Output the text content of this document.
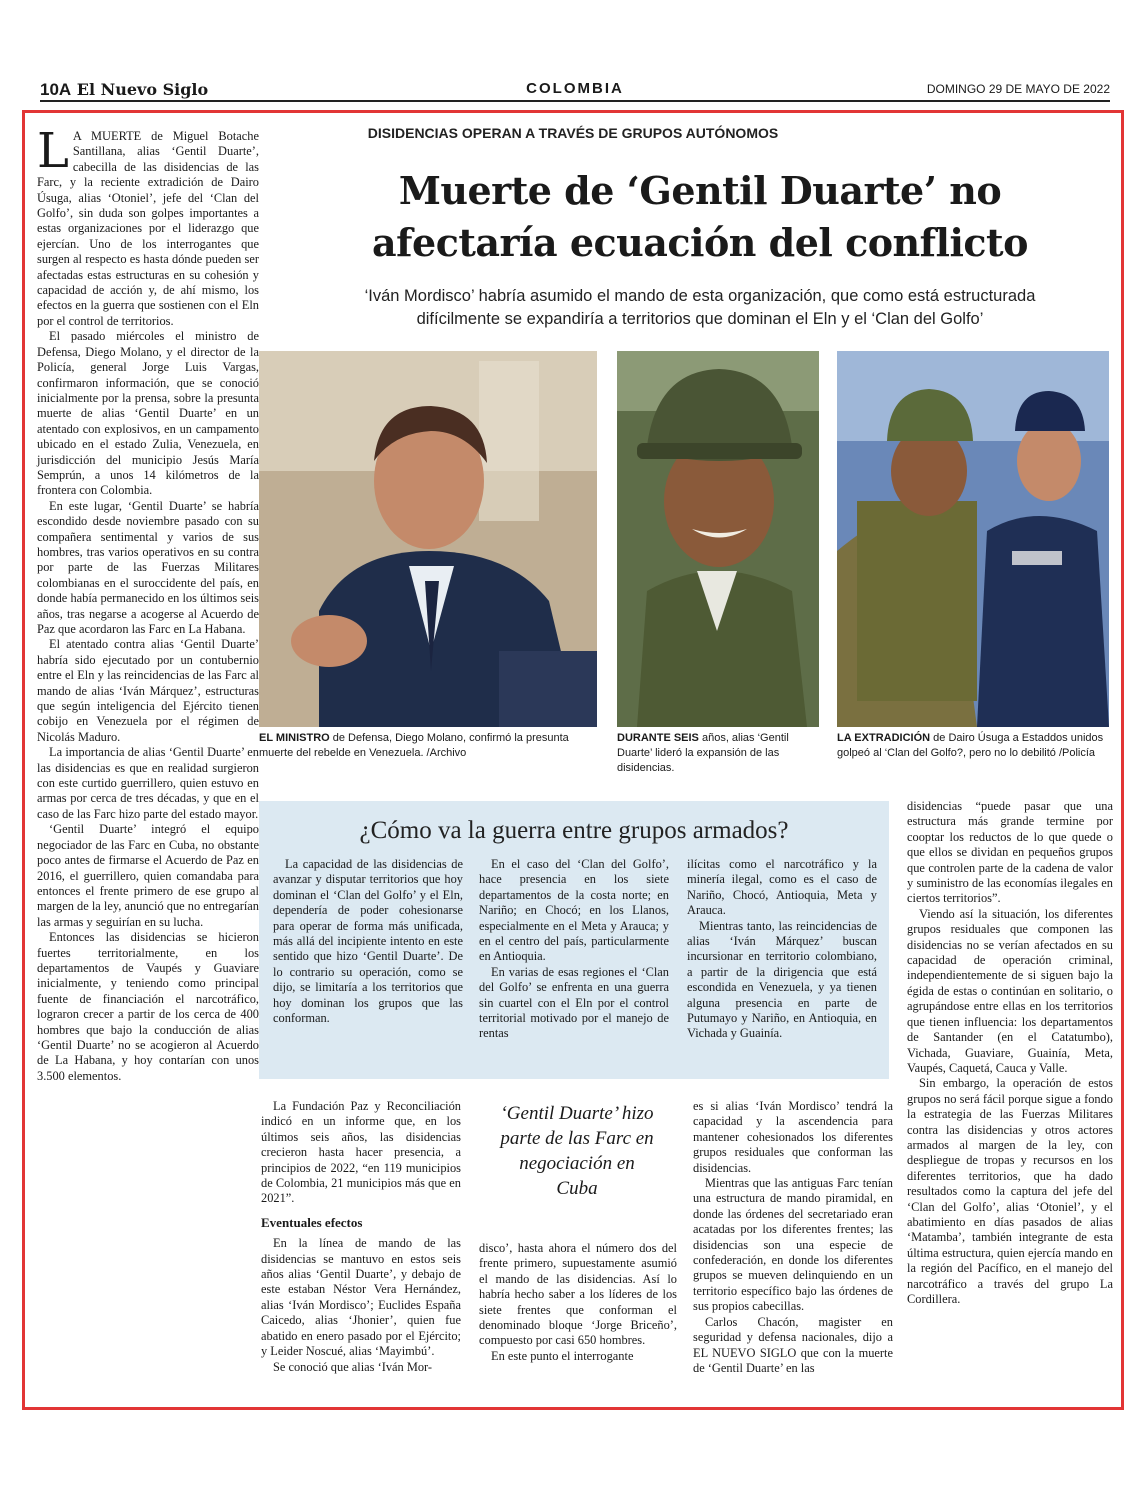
10A El Nuevo Siglo	COLOMBIA	DOMINGO 29 DE MAYO DE 2022
DISIDENCIAS OPERAN A TRAVÉS DE GRUPOS AUTÓNOMOS
Muerte de ‘Gentil Duarte’ no
afectaría ecuación del conflicto
‘Iván Mordisco’ habría asumido el mando de esta organización, que como está estructurada
difícilmente se expandiría a territorios que dominan el Eln y el ‘Clan del Golfo’

L A MUERTE de Miguel Botache Santillana, alias ‘Gentil Duarte’, cabecilla de las disidencias de las Farc, y la reciente extradición de Dairo Úsuga, alias ‘Otoniel’, jefe del ‘Clan del Golfo’, sin duda son golpes importantes a estas organizaciones por el liderazgo que ejercían. Uno de los interrogantes que surgen al respecto es hasta dónde pueden ser afectadas estas estructuras en su cohesión y capacidad de acción y, de ahí mismo, los efectos en la guerra que sostienen con el Eln por el control de territorios.

El pasado miércoles el ministro de Defensa, Diego Molano, y el director de la Policía, general Jorge Luis Vargas, confirmaron información, que se conoció inicialmente por la prensa, sobre la presunta muerte de alias ‘Gentil Duarte’ en un atentado con explosivos, en un campamento ubicado en el estado Zulia, Venezuela, en jurisdicción del municipio Jesús María Semprún, a unos 14 kilómetros de la frontera con Colombia.

En este lugar, ‘Gentil Duarte’ se habría escondido desde noviembre pasado con su compañera sentimental y varios de sus hombres, tras varios operativos en su contra por parte de las Fuerzas Militares colombianas en el suroccidente del país, en donde había permanecido en los últimos seis años, tras negarse a acogerse al Acuerdo de Paz que acordaron las Farc en La Habana.

El atentado contra alias ‘Gentil Duarte’ habría sido ejecutado por un contubernio entre el Eln y las reincidencias de las Farc al mando de alias ‘Iván Márquez’, estructuras que según inteligencia del Ejército tienen cobijo en Venezuela por el régimen de Nicolás Maduro.

La importancia de alias ‘Gentil Duarte’ en las disidencias es que en realidad surgieron con este curtido guerrillero, quien estuvo en armas por cerca de tres décadas, y que en el caso de las Farc hizo parte del estado mayor.

‘Gentil Duarte’ integró el equipo negociador de las Farc en Cuba, no obstante poco antes de firmarse el Acuerdo de Paz en 2016, el guerrillero, quien comandaba para entonces el frente primero de ese grupo al margen de la ley, anunció que no entregarían las armas y seguirían en su lucha.

Entonces las disidencias se hicieron fuertes territorialmente, en los departamentos de Vaupés y Guaviare inicialmente, y teniendo como principal fuente de financiación el narcotráfico, lograron crecer a partir de los cerca de 400 hombres que bajo la conducción de alias ‘Gentil Duarte’ no se acogieron al Acuerdo de La Habana, y hoy contarían con unos 3.500 elementos.

EL MINISTRO de Defensa, Diego Molano, confirmó la presunta muerte del rebelde en Venezuela. /Archivo
DURANTE SEIS años, alias ‘Gentil Duarte’ lideró la expansión de las disidencias.
LA EXTRADICIÓN de Dairo Úsuga a Estaddos unidos golpeó al ‘Clan del Golfo?, pero no lo debilitó /Policía
¿Cómo va la guerra entre grupos armados?

La capacidad de las disidencias de avanzar y disputar territorios que hoy dominan el ‘Clan del Golfo’ y el Eln, dependería de poder cohesionarse para operar de forma más unificada, más allá del incipiente intento en este sentido que hizo ‘Gentil Duarte’. De lo contrario su operación, como se dijo, se limitaría a los territorios que hoy dominan los grupos que las conforman.

En el caso del ‘Clan del Golfo’, hace presencia en los siete departamentos de la costa norte; en Nariño; en Chocó; en los Llanos, especialmente en el Meta y Arauca; y en el centro del país, particularmente en Antioquia.

En varias de esas regiones el ‘Clan del Golfo’ se enfrenta en una guerra sin cuartel con el Eln por el control territorial motivado por el manejo de rentas

ilícitas como el narcotráfico y la minería ilegal, como es el caso de Nariño, Chocó, Antioquia, Meta y Arauca.

Mientras tanto, las reincidencias de alias ‘Iván Márquez’ buscan incursionar en territorio colombiano, a partir de la dirigencia que está escondida en Venezuela, y ya tienen alguna presencia en parte de Putumayo y Nariño, en Antioquia, en Vichada y Guainía.

disidencias “puede pasar que una estructura más grande termine por cooptar los reductos de lo que quede o que ellos se dividan en pequeños grupos que controlen parte de la cadena de valor y suministro de las economías ilegales en ciertos territorios”.

Viendo así la situación, los diferentes grupos residuales que componen las disidencias no se verían afectados en su capacidad de operación criminal, independientemente de si siguen bajo la égida de estas o continúan en solitario, o agrupándose entre ellas en los territorios que tienen influencia: los departamentos de Santander (en el Catatumbo), Vichada, Guaviare, Guainía, Meta, Vaupés, Caquetá, Cauca y Valle.

Sin embargo, la operación de estos grupos no será fácil porque sigue a fondo la estrategia de las Fuerzas Militares contra las disidencias y otros actores armados al margen de la ley, con despliegue de tropas y recursos en los diferentes territorios, que ha dado resultados como la captura del jefe del ‘Clan del Golfo’, alias ‘Otoniel’, y el abatimiento en días pasados de alias ‘Matamba’, también integrante de esta última estructura, quien ejercía mando en la región del Pacífico, en el manejo del narcotráfico a través del grupo La Cordillera.

La Fundación Paz y Reconciliación indicó en un informe que, en los últimos seis años, las disidencias crecieron hasta hacer presencia, a principios de 2022, “en 119 municipios de Colombia, 21 municipios más que en 2021”.

Eventuales efectos

En la línea de mando de las disidencias se mantuvo en estos seis años alias ‘Gentil Duarte’, y debajo de este estaban Néstor Vera Hernández, alias ‘Iván Mordisco’; Euclides España Caicedo, alias ‘Jhonier’, quien fue abatido en enero pasado por el Ejército; y Leider Noscué, alias ‘Mayimbú’.

Se conoció que alias ‘Iván Mor-

‘Gentil Duarte’ hizo parte de las Farc en negociación en Cuba

disco’, hasta ahora el número dos del frente primero, supuestamente asumió el mando de las disidencias. Así lo habría hecho saber a los líderes de los siete frentes que conforman el denominado bloque ‘Jorge Briceño’, compuesto por casi 650 hombres.

En este punto el interrogante

es si alias ‘Iván Mordisco’ tendrá la capacidad y la ascendencia para mantener cohesionados los diferentes grupos residuales que conforman las disidencias.

Mientras que las antiguas Farc tenían una estructura de mando piramidal, en donde las órdenes del secretariado eran acatadas por los diferentes frentes; las disidencias son una especie de confederación, en donde los diferentes grupos se mueven delinquiendo en un territorio específico bajo las órdenes de sus propios cabecillas.

Carlos Chacón, magister en seguridad y defensa nacionales, dijo a EL NUEVO SIGLO que con la muerte de ‘Gentil Duarte’ en las
